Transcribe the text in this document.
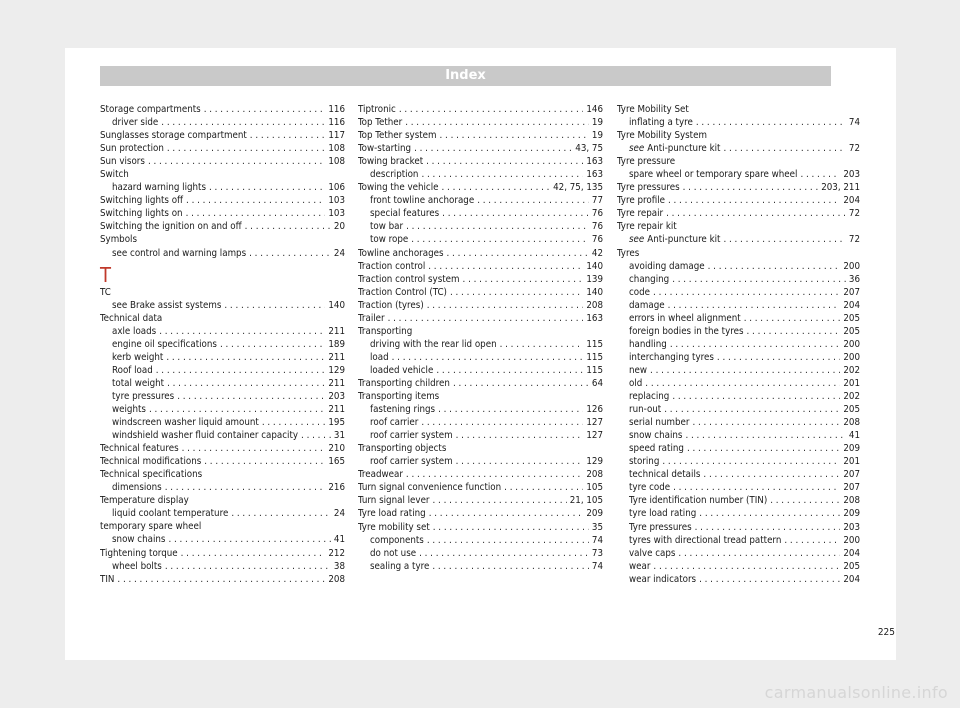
Index
Storage compartments . . .	116
driver side . . .	116
Sunglasses storage compartment . . .	117
Sun protection . . .	108
Sun visors . . .	108
Switch
hazard warning lights . . .	106
Switching lights off . . .	103
Switching lights on . . .	103
Switching the ignition on and off . . .	20
Symbols
see control and warning lamps . . .	24
T
TC
see Brake assist systems . . .	140
Technical data
axle loads . . .	211
engine oil specifications . . .	189
kerb weight . . .	211
Roof load . . .	129
total weight . . .	211
tyre pressures . . .	203
weights . . .	211
windscreen washer liquid amount . . .	195
windshield washer fluid container capacity . . .	31
Technical features . . .	210
Technical modifications . . .	165
Technical specifications
dimensions . . .	216
Temperature display
liquid coolant temperature . . .	24
temporary spare wheel
snow chains . . .	41
Tightening torque . . .	212
wheel bolts . . .	38
TIN . . .	208
Tiptronic . . .	146
Top Tether . . .	19
Top Tether system . . .	19
Tow-starting . . .	43, 75
Towing bracket . . .	163
description . . .	163
Towing the vehicle . . .	42, 75, 135
front towline anchorage . . .	77
special features . . .	76
tow bar . . .	76
tow rope . . .	76
Towline anchorages . . .	42
Traction control . . .	140
Traction control system . . .	139
Traction Control (TC) . . .	140
Traction (tyres) . . .	208
Trailer . . .	163
Transporting
driving with the rear lid open . . .	115
load . . .	115
loaded vehicle . . .	115
Transporting children . . .	64
Transporting items
fastening rings . . .	126
roof carrier . . .	127
roof carrier system . . .	127
Transporting objects
roof carrier system . . .	129
Treadwear . . .	208
Turn signal convenience function . . .	105
Turn signal lever . . .	21, 105
Tyre load rating . . .	209
Tyre mobility set . . .	35
components . . .	74
do not use . . .	73
sealing a tyre . . .	74
Tyre Mobility Set
inflating a tyre . . .	74
Tyre Mobility System
see Anti-puncture kit . . .	72
Tyre pressure
spare wheel or temporary spare wheel . . .	203
Tyre pressures . . .	203, 211
Tyre profile . . .	204
Tyre repair . . .	72
Tyre repair kit
see Anti-puncture kit . . .	72
Tyres
avoiding damage . . .	200
changing . . .	36
code . . .	207
damage . . .	204
errors in wheel alignment . . .	205
foreign bodies in the tyres . . .	205
handling . . .	200
interchanging tyres . . .	200
new . . .	202
old . . .	201
replacing . . .	202
run-out . . .	205
serial number . . .	208
snow chains . . .	41
speed rating . . .	209
storing . . .	201
technical details . . .	207
tyre code . . .	207
Tyre identification number (TIN) . . .	208
tyre load rating . . .	209
Tyre pressures . . .	203
tyres with directional tread pattern . . .	200
valve caps . . .	204
wear . . .	205
wear indicators . . .	204
225
carmanualsonline.info
